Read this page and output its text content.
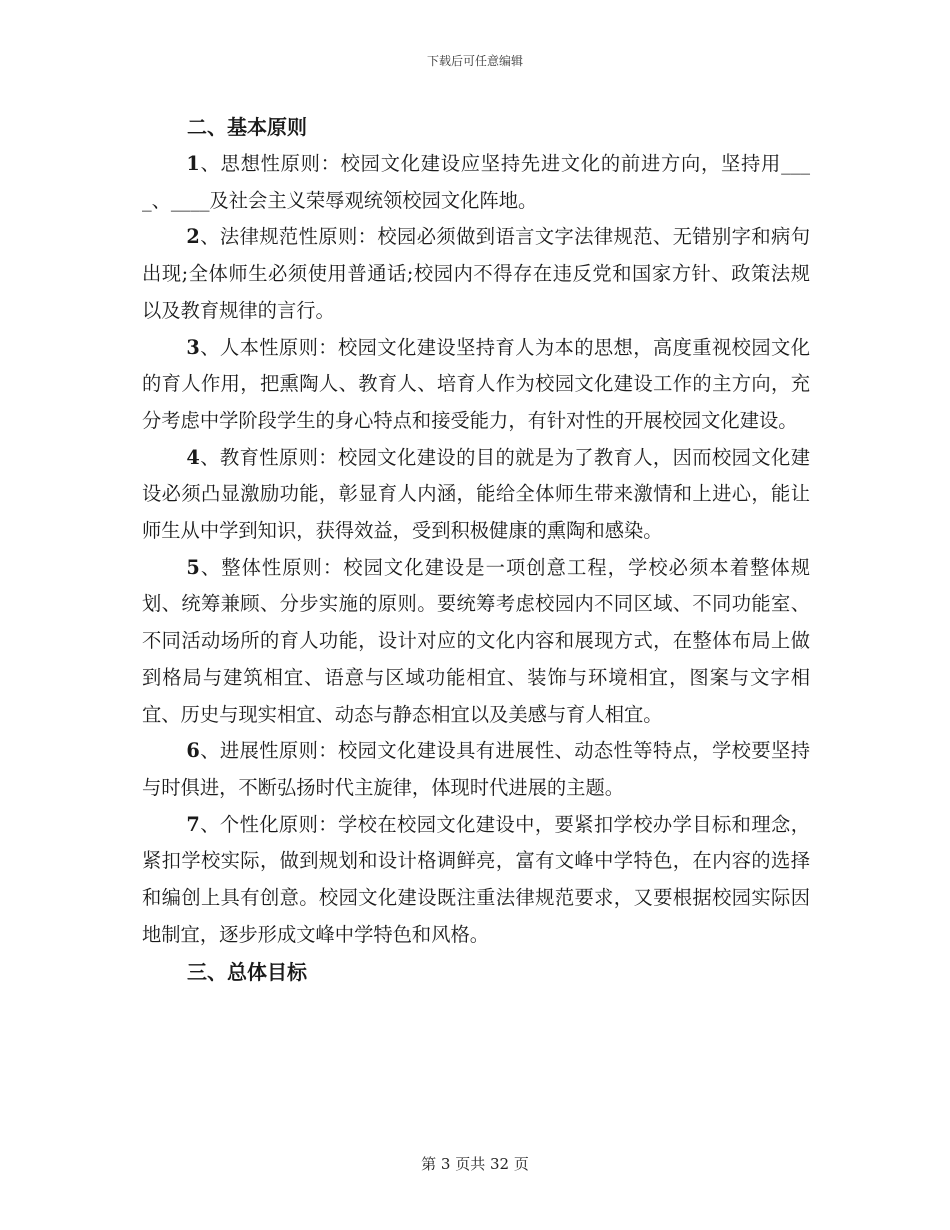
下载后可任意编辑

二、基本原则

1、思想性原则：校园文化建设应坚持先进文化的前进方向，坚持用____、____及社会主义荣辱观统领校园文化阵地。

2、法律规范性原则：校园必须做到语言文字法律规范、无错别字和病句出现;全体师生必须使用普通话;校园内不得存在违反党和国家方针、政策法规以及教育规律的言行。

3、人本性原则：校园文化建设坚持育人为本的思想，高度重视校园文化的育人作用，把熏陶人、教育人、培育人作为校园文化建设工作的主方向，充分考虑中学阶段学生的身心特点和接受能力，有针对性的开展校园文化建设。

4、教育性原则：校园文化建设的目的就是为了教育人，因而校园文化建设必须凸显激励功能，彰显育人内涵，能给全体师生带来激情和上进心，能让师生从中学到知识，获得效益，受到积极健康的熏陶和感染。

5、整体性原则：校园文化建设是一项创意工程，学校必须本着整体规划、统筹兼顾、分步实施的原则。要统筹考虑校园内不同区域、不同功能室、不同活动场所的育人功能，设计对应的文化内容和展现方式，在整体布局上做到格局与建筑相宜、语意与区域功能相宜、装饰与环境相宜，图案与文字相宜、历史与现实相宜、动态与静态相宜以及美感与育人相宜。

6、进展性原则：校园文化建设具有进展性、动态性等特点，学校要坚持与时俱进，不断弘扬时代主旋律，体现时代进展的主题。

7、个性化原则：学校在校园文化建设中，要紧扣学校办学目标和理念，紧扣学校实际，做到规划和设计格调鲜亮，富有文峰中学特色，在内容的选择和编创上具有创意。校园文化建设既注重法律规范要求，又要根据校园实际因地制宜，逐步形成文峰中学特色和风格。

三、总体目标

第 3 页共 32 页
